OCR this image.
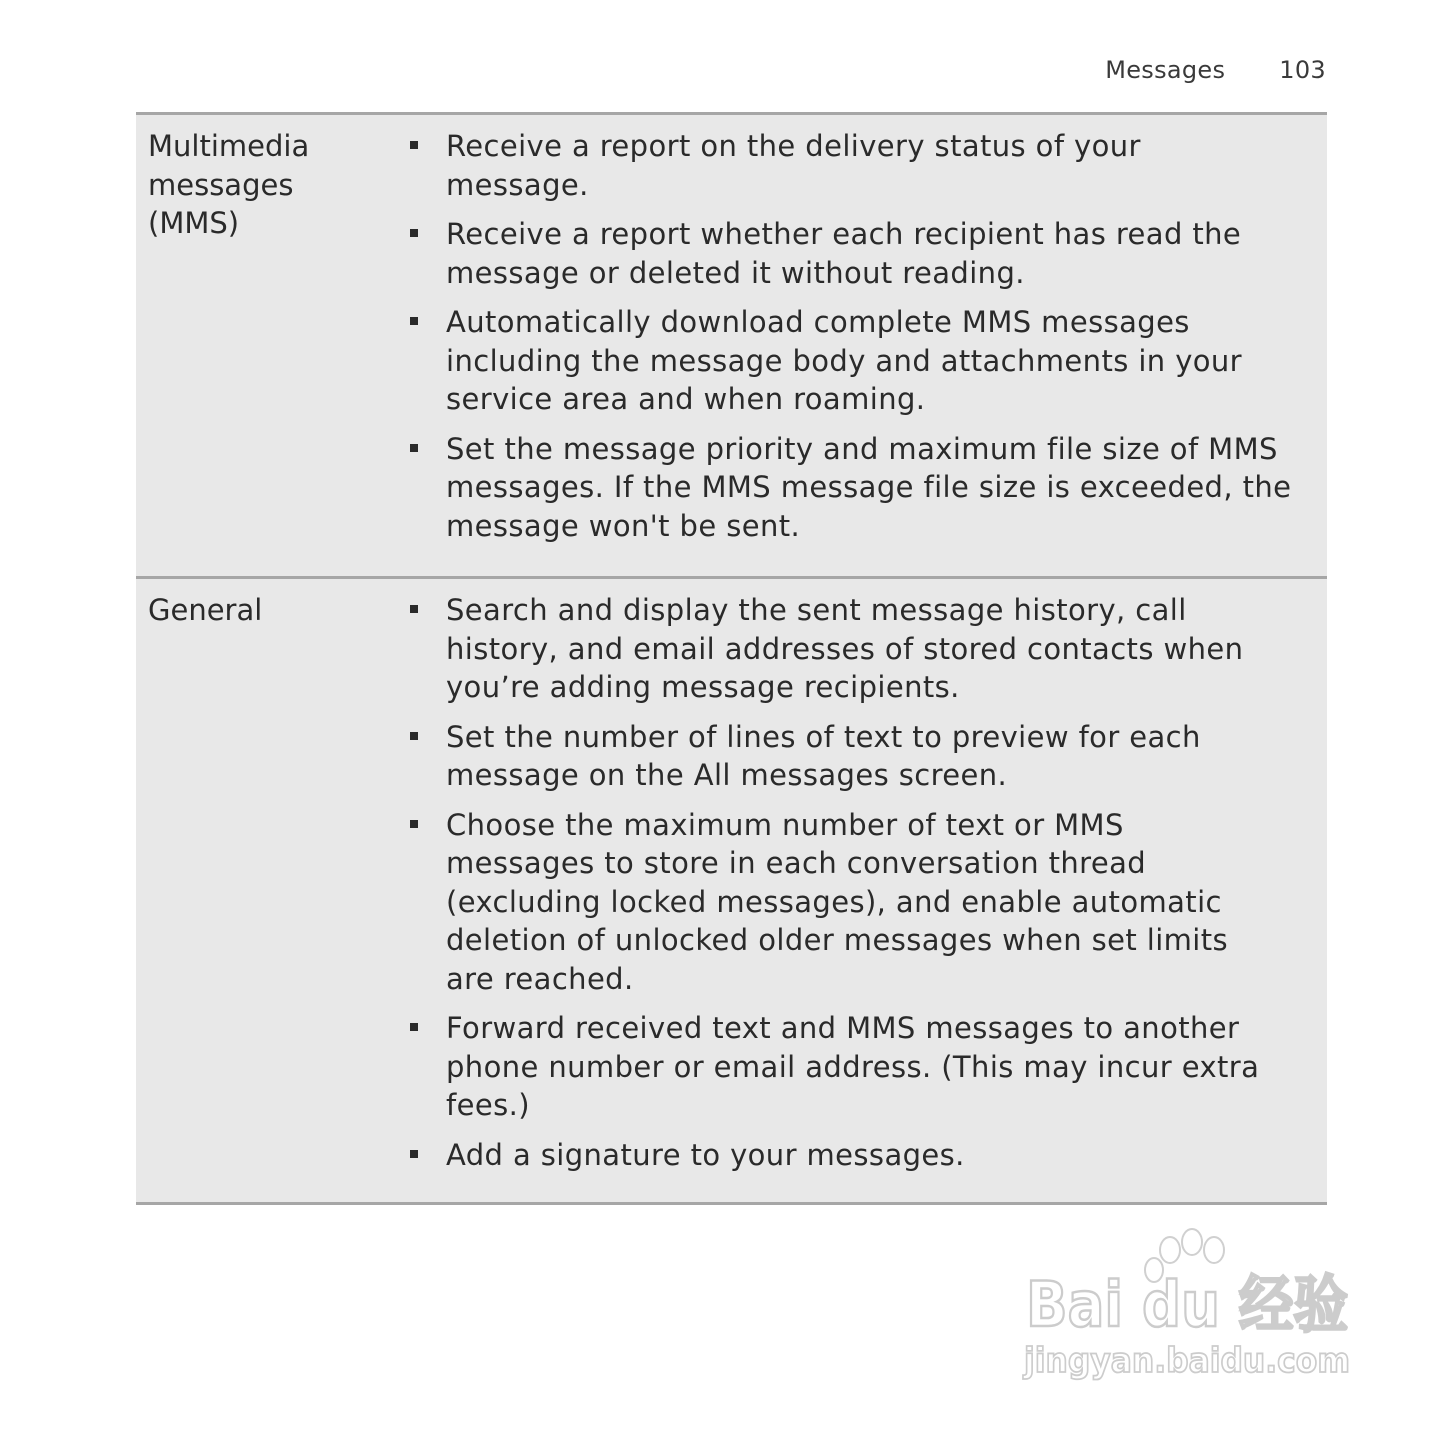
Messages 103
Multimedia
messages
(MMS)
Receive a report on the delivery status of your
message.
Receive a report whether each recipient has read the
message or deleted it without reading.
Automatically download complete MMS messages
including the message body and attachments in your
service area and when roaming.
Set the message priority and maximum file size of MMS
messages. If the MMS message file size is exceeded, the
message won't be sent.
General	Search and display the sent message history, call
history, and email addresses of stored contacts when
you’re adding message recipients.
Set the number of lines of text to preview for each
message on the All messages screen.
Choose the maximum number of text or MMS
messages to store in each conversation thread
(excluding locked messages), and enable automatic
deletion of unlocked older messages when set limits
are reached.
Forward received text and MMS messages to another
phone number or email address. (This may incur extra
fees.)
Add a signature to your messages.
Bai du 经验
jingyan.baidu.com
